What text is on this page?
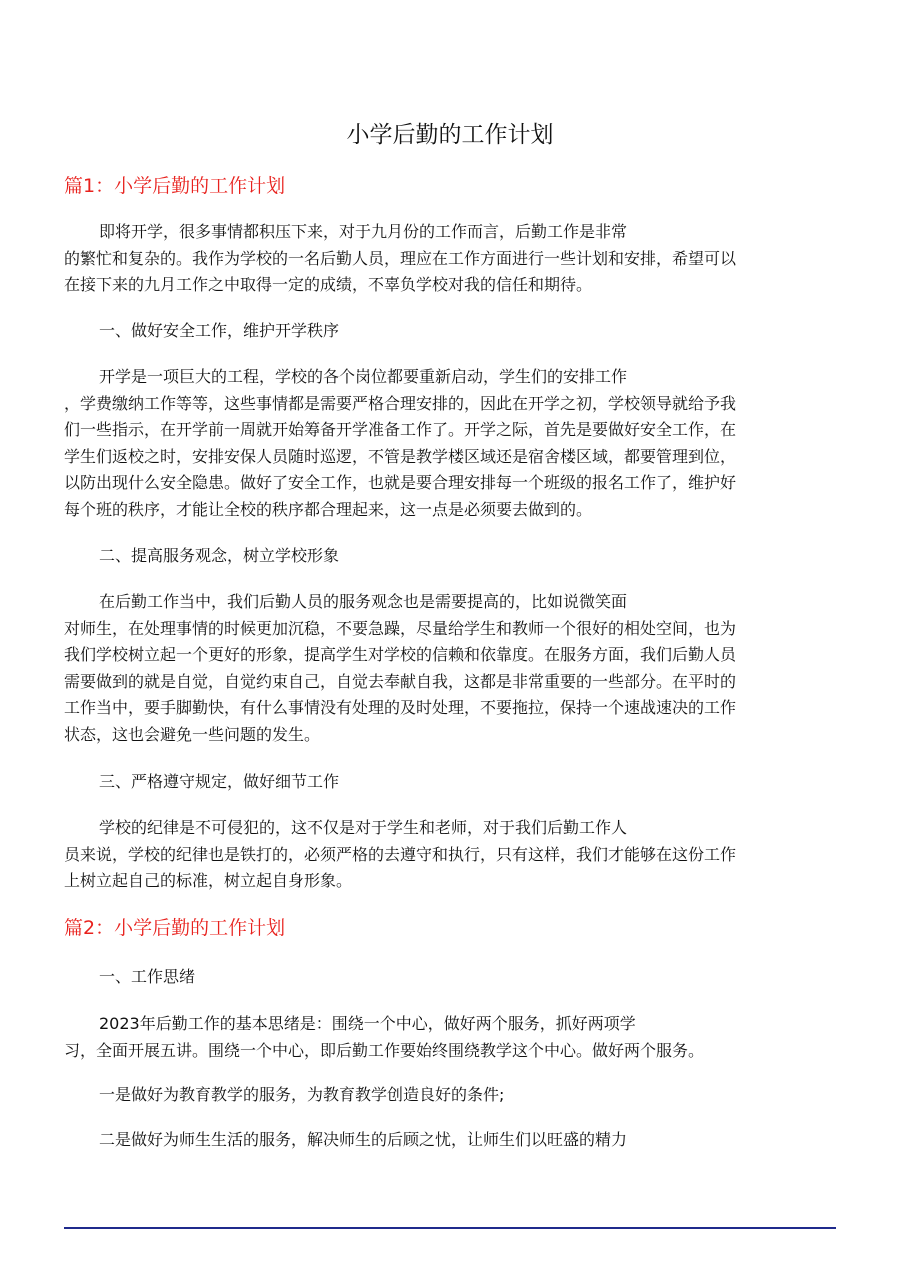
小学后勤的工作计划
篇1：小学后勤的工作计划
即将开学，很多事情都积压下来，对于九月份的工作而言，后勤工作是非常
的繁忙和复杂的。我作为学校的一名后勤人员，理应在工作方面进行一些计划和安排，希望可以
在接下来的九月工作之中取得一定的成绩，不辜负学校对我的信任和期待。
一、做好安全工作，维护开学秩序
开学是一项巨大的工程，学校的各个岗位都要重新启动，学生们的安排工作
，学费缴纳工作等等，这些事情都是需要严格合理安排的，因此在开学之初，学校领导就给予我
们一些指示，在开学前一周就开始筹备开学准备工作了。开学之际，首先是要做好安全工作，在
学生们返校之时，安排安保人员随时巡逻，不管是教学楼区域还是宿舍楼区域，都要管理到位，
以防出现什么安全隐患。做好了安全工作，也就是要合理安排每一个班级的报名工作了，维护好
每个班的秩序，才能让全校的秩序都合理起来，这一点是必须要去做到的。
二、提高服务观念，树立学校形象
在后勤工作当中，我们后勤人员的服务观念也是需要提高的，比如说微笑面
对师生，在处理事情的时候更加沉稳，不要急躁，尽量给学生和教师一个很好的相处空间，也为
我们学校树立起一个更好的形象，提高学生对学校的信赖和依靠度。在服务方面，我们后勤人员
需要做到的就是自觉，自觉约束自己，自觉去奉献自我，这都是非常重要的一些部分。在平时的
工作当中，要手脚勤快，有什么事情没有处理的及时处理，不要拖拉，保持一个速战速决的工作
状态，这也会避免一些问题的发生。
三、严格遵守规定，做好细节工作
学校的纪律是不可侵犯的，这不仅是对于学生和老师，对于我们后勤工作人
员来说，学校的纪律也是铁打的，必须严格的去遵守和执行，只有这样，我们才能够在这份工作
上树立起自己的标准，树立起自身形象。
篇2：小学后勤的工作计划
一、工作思绪
2023年后勤工作的基本思绪是：围绕一个中心，做好两个服务，抓好两项学
习，全面开展五讲。围绕一个中心，即后勤工作要始终围绕教学这个中心。做好两个服务。
一是做好为教育教学的服务，为教育教学创造良好的条件;
二是做好为师生生活的服务，解决师生的后顾之忧，让师生们以旺盛的精力
